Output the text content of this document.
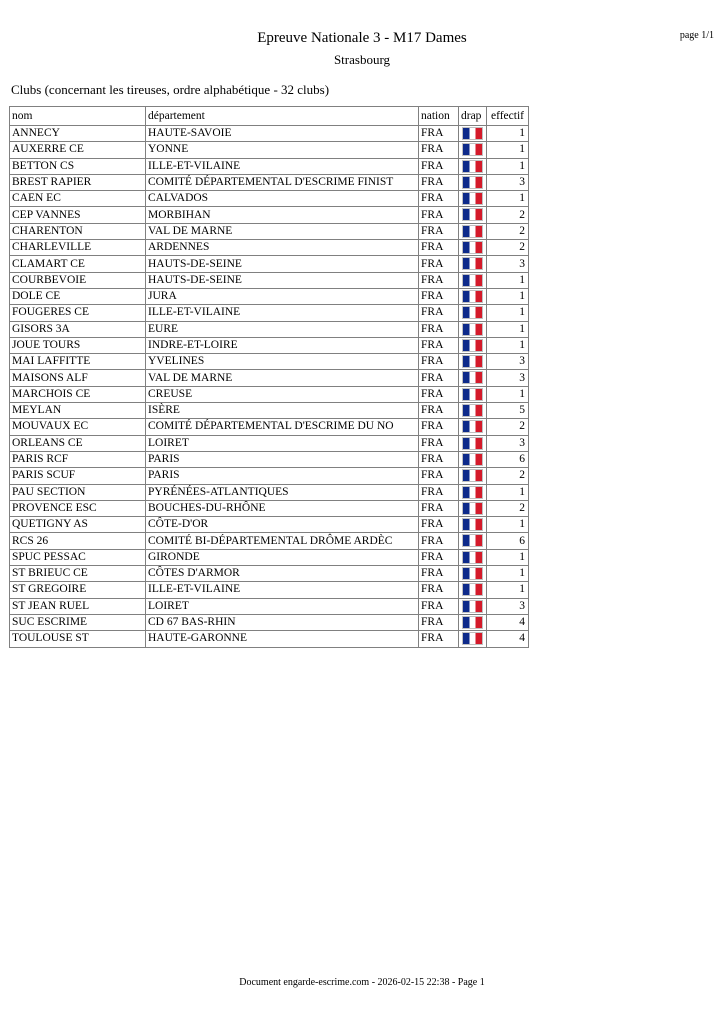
Epreuve Nationale 3 - M17 Dames
Strasbourg
page 1/1
Clubs (concernant les tireuses, ordre alphabétique - 32 clubs)
nom	département	nation	drap	effectif
ANNECY	HAUTE-SAVOIE	FRA		1
AUXERRE CE	YONNE	FRA		1
BETTON CS	ILLE-ET-VILAINE	FRA		1
BREST RAPIER	COMITÉ DÉPARTEMENTAL D'ESCRIME FINIST	FRA		3
CAEN EC	CALVADOS	FRA		1
CEP VANNES	MORBIHAN	FRA		2
CHARENTON	VAL DE MARNE	FRA		2
CHARLEVILLE	ARDENNES	FRA		2
CLAMART CE	HAUTS-DE-SEINE	FRA		3
COURBEVOIE	HAUTS-DE-SEINE	FRA		1
DOLE CE	JURA	FRA		1
FOUGERES CE	ILLE-ET-VILAINE	FRA		1
GISORS 3A	EURE	FRA		1
JOUE TOURS	INDRE-ET-LOIRE	FRA		1
MAI LAFFITTE	YVELINES	FRA		3
MAISONS ALF	VAL DE MARNE	FRA		3
MARCHOIS CE	CREUSE	FRA		1
MEYLAN	ISÈRE	FRA		5
MOUVAUX EC	COMITÉ DÉPARTEMENTAL D'ESCRIME DU NO	FRA		2
ORLEANS CE	LOIRET	FRA		3
PARIS RCF	PARIS	FRA		6
PARIS SCUF	PARIS	FRA		2
PAU SECTION	PYRÉNÉES-ATLANTIQUES	FRA		1
PROVENCE ESC	BOUCHES-DU-RHÔNE	FRA		2
QUETIGNY AS	CÔTE-D'OR	FRA		1
RCS 26	COMITÉ BI-DÉPARTEMENTAL DRÔME ARDÈC	FRA		6
SPUC PESSAC	GIRONDE	FRA		1
ST BRIEUC CE	CÔTES D'ARMOR	FRA		1
ST GREGOIRE	ILLE-ET-VILAINE	FRA		1
ST JEAN RUEL	LOIRET	FRA		3
SUC ESCRIME	CD 67 BAS-RHIN	FRA		4
TOULOUSE ST	HAUTE-GARONNE	FRA		4
Document engarde-escrime.com - 2026-02-15 22:38 - Page 1
